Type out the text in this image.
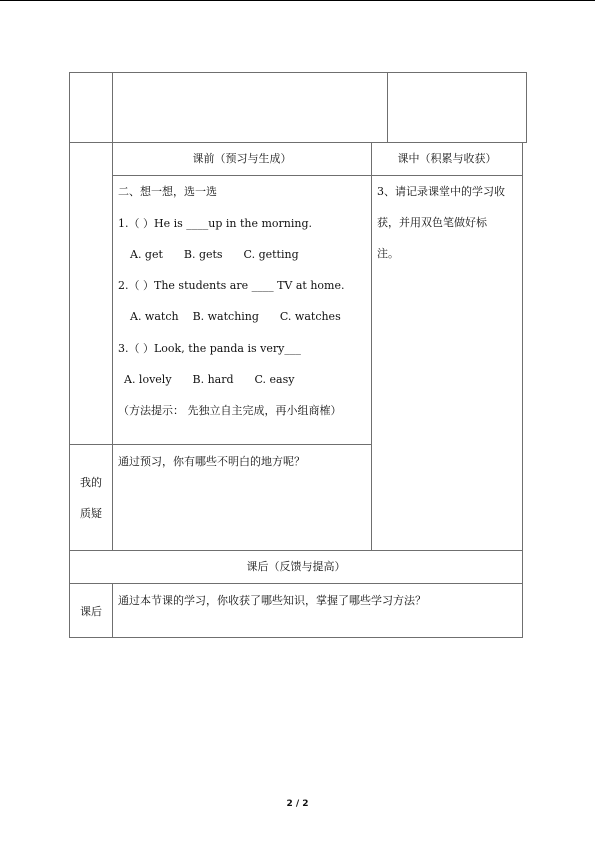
课前（预习与生成）	课中（积累与收获）
二、想一想，选一选
1.（ ）He is ____up in the morning.
A. get      B. gets      C. getting
2.（ ）The students are ____ TV at home.
A. watch    B. watching      C. watches
3.（ ）Look, the panda is very___
A. lovely      B. hard      C. easy
（方法提示： 先独立自主完成，再小组商榷）
3、请记录课堂中的学习收
获，并用双色笔做好标
注。
我的
质疑
通过预习，你有哪些不明白的地方呢？
课后（反馈与提高）
课后
通过本节课的学习，你收获了哪些知识，掌握了哪些学习方法？
2 / 2
